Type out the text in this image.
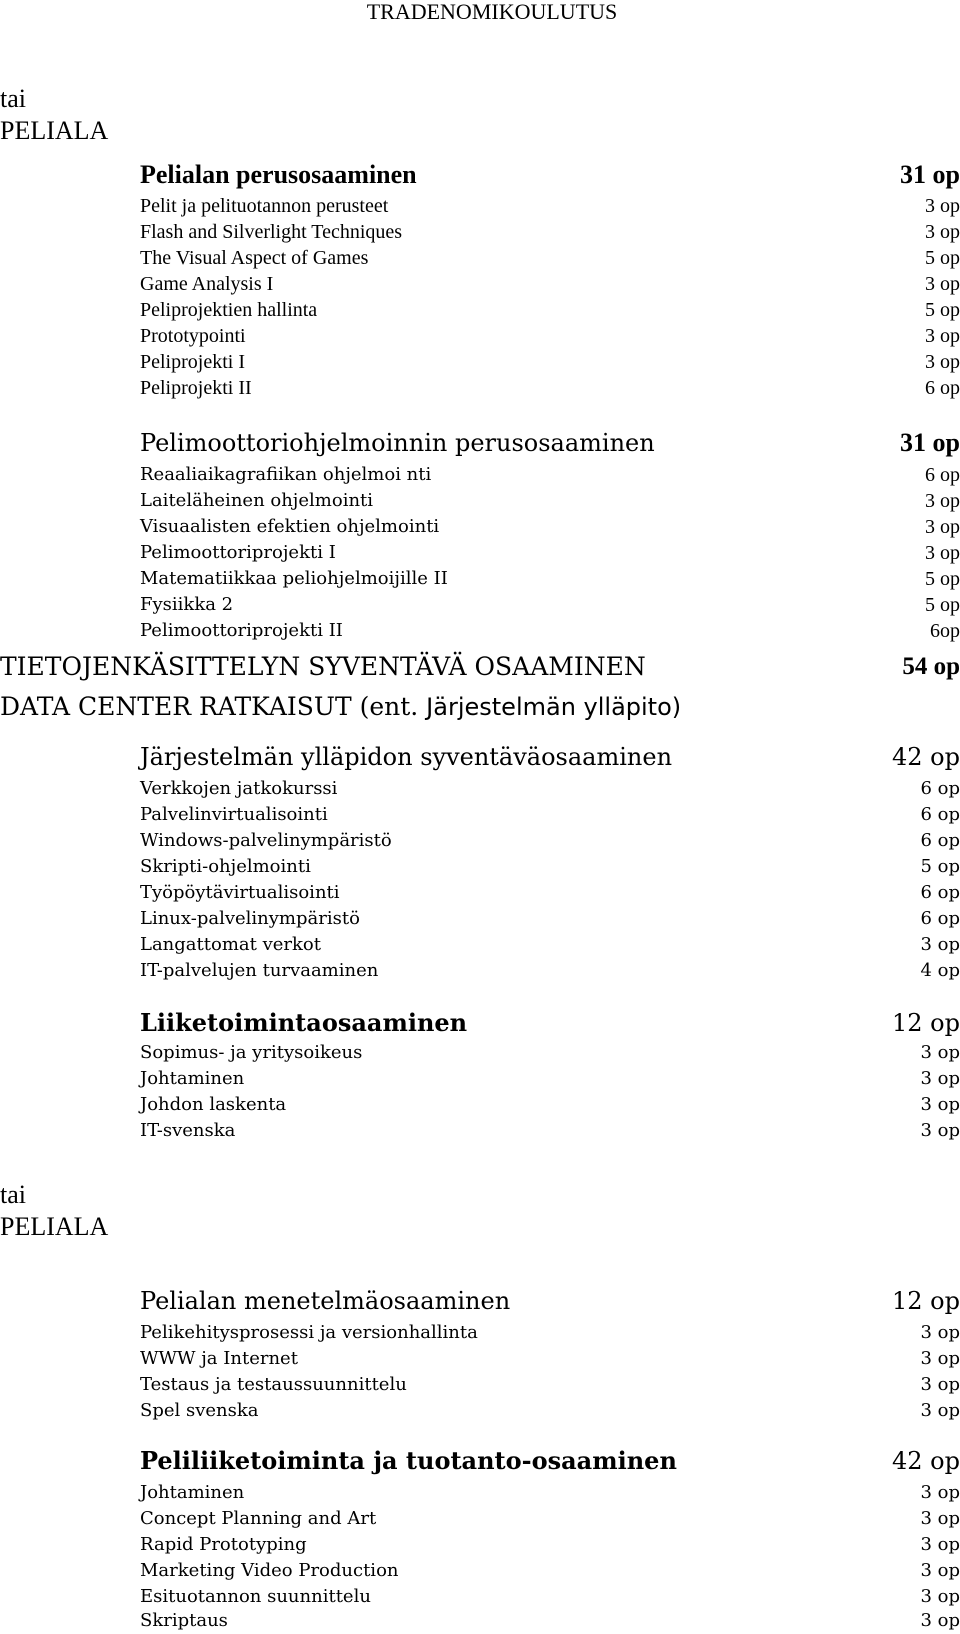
TRADENOMIKOULUTUS
tai
PELIALA
Pelialan perusosaaminen	31 op
Pelit ja pelituotannon perusteet	3 op
Flash and Silverlight Techniques	3 op
The Visual Aspect of Games	5 op
Game Analysis I	3 op
Peliprojektien hallinta	5 op
Prototypointi	3 op
Peliprojekti I	3 op
Peliprojekti II	6 op
Pelimoottoriohjelmoinnin perusosaaminen	31 op
Reaaliaikagrafiikan ohjelmoi nti	6 op
Laiteläheinen ohjelmointi	3 op
Visuaalisten efektien ohjelmointi	3 op
Pelimoottoriprojekti I	3 op
Matematiikkaa peliohjelmoijille II	5 op
Fysiikka 2	5 op
Pelimoottoriprojekti II	6op
TIETOJENKÄSITTELYN SYVENTÄVÄ OSAAMINEN	54 op
DATA CENTER RATKAISUT (ent. Järjestelmän ylläpito)
Järjestelmän ylläpidon syventäväosaaminen	42 op
Verkkojen jatkokurssi	6 op
Palvelinvirtualisointi	6 op
Windows-palvelinympäristö	6 op
Skripti-ohjelmointi	5 op
Työpöytävirtualisointi	6 op
Linux-palvelinympäristö	6 op
Langattomat verkot	3 op
IT-palvelujen turvaaminen	4 op
Liiketoimintaosaaminen	12 op
Sopimus- ja yritysoikeus	3 op
Johtaminen	3 op
Johdon laskenta	3 op
IT-svenska	3 op
tai
PELIALA
Pelialan menetelmäosaaminen	12 op
Pelikehitysprosessi ja versionhallinta	3 op
WWW ja Internet	3 op
Testaus ja testaussuunnittelu	3 op
Spel svenska	3 op
Peliliiketoiminta ja tuotanto-osaaminen	42 op
Johtaminen	3 op
Concept Planning and Art	3 op
Rapid Prototyping	3 op
Marketing Video Production	3 op
Esituotannon suunnittelu	3 op
Skriptaus	3 op
